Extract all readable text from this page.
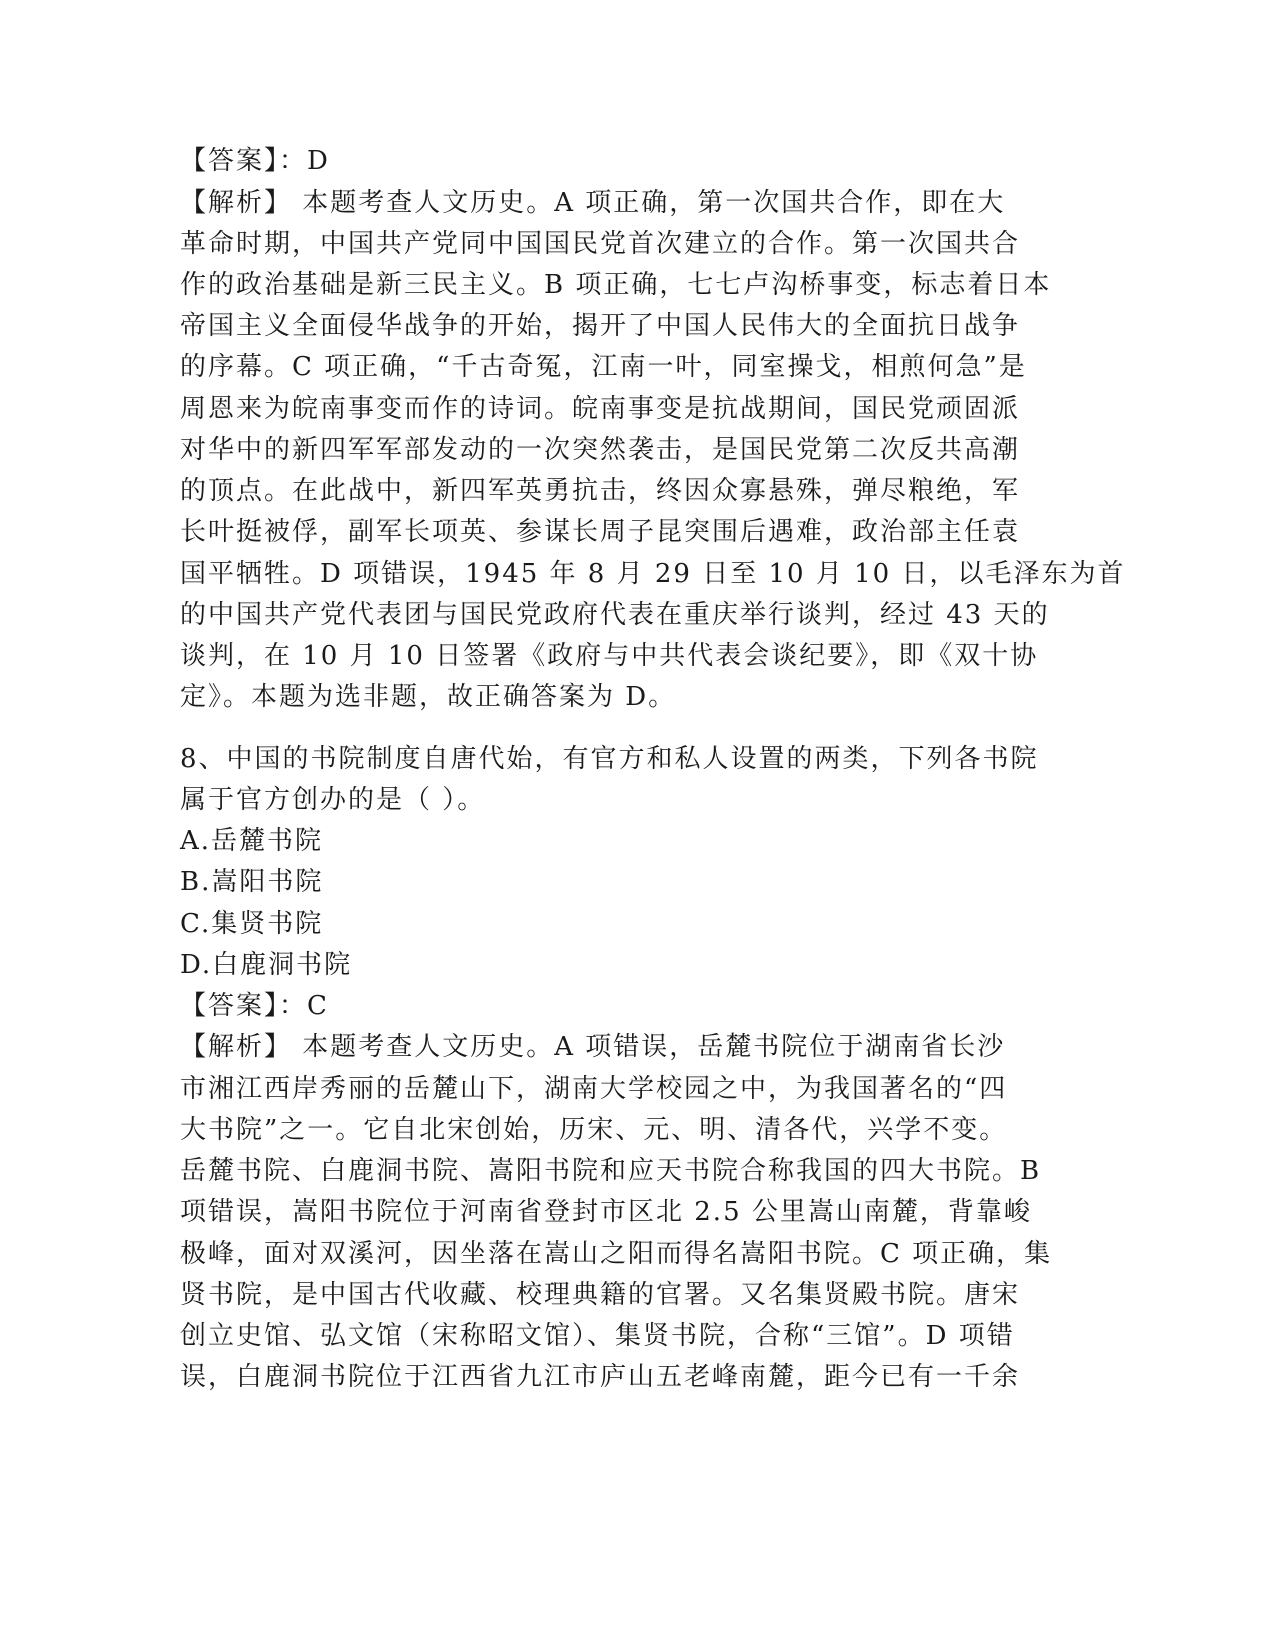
【答案】：D
【解析】 本题考查人文历史。A 项正确，第一次国共合作，即在大
革命时期，中国共产党同中国国民党首次建立的合作。第一次国共合
作的政治基础是新三民主义。B 项正确，七七卢沟桥事变，标志着日本
帝国主义全面侵华战争的开始，揭开了中国人民伟大的全面抗日战争
的序幕。C 项正确，“千古奇冤，江南一叶，同室操戈，相煎何急”是
周恩来为皖南事变而作的诗词。皖南事变是抗战期间，国民党顽固派
对华中的新四军军部发动的一次突然袭击，是国民党第二次反共高潮
的顶点。在此战中，新四军英勇抗击，终因众寡悬殊，弹尽粮绝，军
长叶挺被俘，副军长项英、参谋长周子昆突围后遇难，政治部主任袁
国平牺牲。D 项错误，1945 年 8 月 29 日至 10 月 10 日，以毛泽东为首
的中国共产党代表团与国民党政府代表在重庆举行谈判，经过 43 天的
谈判，在 10 月 10 日签署《政府与中共代表会谈纪要》，即《双十协
定》。本题为选非题，故正确答案为 D。
8、中国的书院制度自唐代始，有官方和私人设置的两类，下列各书院
属于官方创办的是（ ）。
A.岳麓书院
B.嵩阳书院
C.集贤书院
D.白鹿洞书院
【答案】：C
【解析】 本题考查人文历史。A 项错误，岳麓书院位于湖南省长沙
市湘江西岸秀丽的岳麓山下，湖南大学校园之中，为我国著名的“四
大书院”之一。它自北宋创始，历宋、元、明、清各代，兴学不变。
岳麓书院、白鹿洞书院、嵩阳书院和应天书院合称我国的四大书院。B
项错误，嵩阳书院位于河南省登封市区北 2.5 公里嵩山南麓，背靠峻
极峰，面对双溪河，因坐落在嵩山之阳而得名嵩阳书院。C 项正确，集
贤书院，是中国古代收藏、校理典籍的官署。又名集贤殿书院。唐宋
创立史馆、弘文馆（宋称昭文馆）、集贤书院，合称“三馆”。D 项错
误，白鹿洞书院位于江西省九江市庐山五老峰南麓，距今已有一千余
